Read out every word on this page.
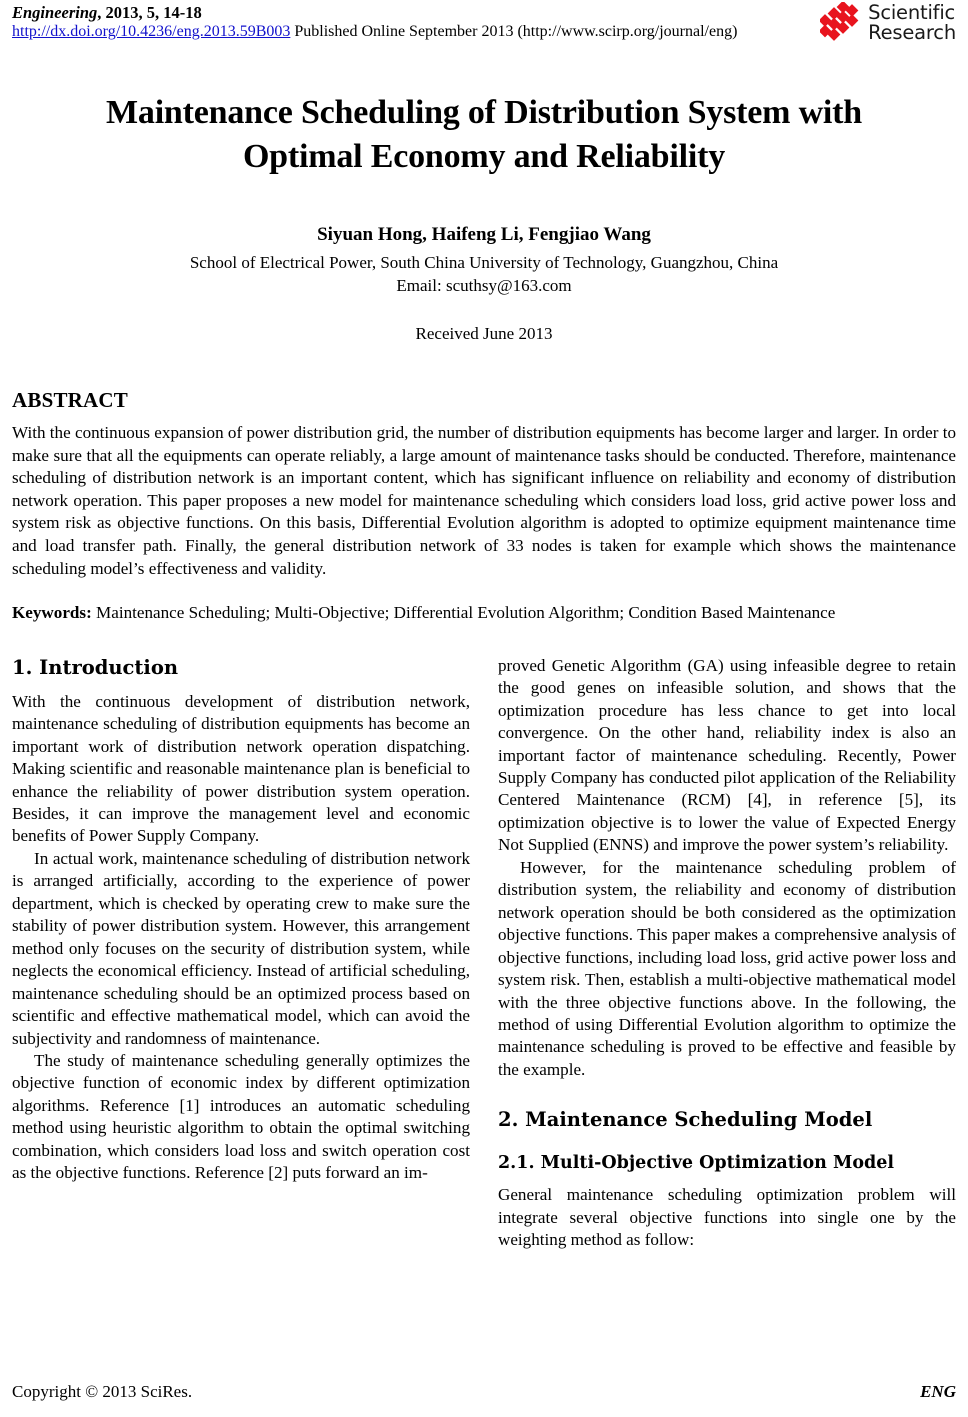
Engineering, 2013, 5, 14-18
http://dx.doi.org/10.4236/eng.2013.59B003 Published Online September 2013 (http://www.scirp.org/journal/eng)
Scientific
Research
Maintenance Scheduling of Distribution System with Optimal Economy and Reliability
Siyuan Hong, Haifeng Li, Fengjiao Wang
School of Electrical Power, South China University of Technology, Guangzhou, China
Email: scuthsy@163.com
Received June 2013
ABSTRACT
With the continuous expansion of power distribution grid, the number of distribution equipments has become larger and larger. In order to make sure that all the equipments can operate reliably, a large amount of maintenance tasks should be conducted. Therefore, maintenance scheduling of distribution network is an important content, which has significant influence on reliability and economy of distribution network operation. This paper proposes a new model for maintenance scheduling which considers load loss, grid active power loss and system risk as objective functions. On this basis, Differential Evolution algorithm is adopted to optimize equipment maintenance time and load transfer path. Finally, the general distribution network of 33 nodes is taken for example which shows the maintenance scheduling model’s effectiveness and validity.
Keywords: Maintenance Scheduling; Multi-Objective; Differential Evolution Algorithm; Condition Based Maintenance
1. Introduction

With the continuous development of distribution network, maintenance scheduling of distribution equipments has become an important work of distribution network operation dispatching. Making scientific and reasonable maintenance plan is beneficial to enhance the reliability of power distribution system operation. Besides, it can improve the management level and economic benefits of Power Supply Company.

In actual work, maintenance scheduling of distribution network is arranged artificially, according to the experience of power department, which is checked by operating crew to make sure the stability of power distribution system. However, this arrangement method only focuses on the security of distribution system, while neglects the economical efficiency. Instead of artificial scheduling, maintenance scheduling should be an optimized process based on scientific and effective mathematical model, which can avoid the subjectivity and randomness of maintenance.

The study of maintenance scheduling generally optimizes the objective function of economic index by different optimization algorithms. Reference [1] introduces an automatic scheduling method using heuristic algorithm to obtain the optimal switching combination, which considers load loss and switch operation cost as the objective functions. Reference [2] puts forward an im-

proved Genetic Algorithm (GA) using infeasible degree to retain the good genes on infeasible solution, and shows that the optimization procedure has less chance to get into local convergence. On the other hand, reliability index is also an important factor of maintenance scheduling. Recently, Power Supply Company has conducted pilot application of the Reliability Centered Maintenance (RCM) [4], in reference [5], its optimization objective is to lower the value of Expected Energy Not Supplied (ENNS) and improve the power system’s reliability.

However, for the maintenance scheduling problem of distribution system, the reliability and economy of distribution network operation should be both considered as the optimization objective functions. This paper makes a comprehensive analysis of objective functions, including load loss, grid active power loss and system risk. Then, establish a multi-objective mathematical model with the three objective functions above. In the following, the method of using Differential Evolution algorithm to optimize the maintenance scheduling is proved to be effective and feasible by the example.

2. Maintenance Scheduling Model
2.1. Multi-Objective Optimization Model

General maintenance scheduling optimization problem will integrate several objective functions into single one by the weighting method as follow:

Copyright © 2013 SciRes.	ENG
